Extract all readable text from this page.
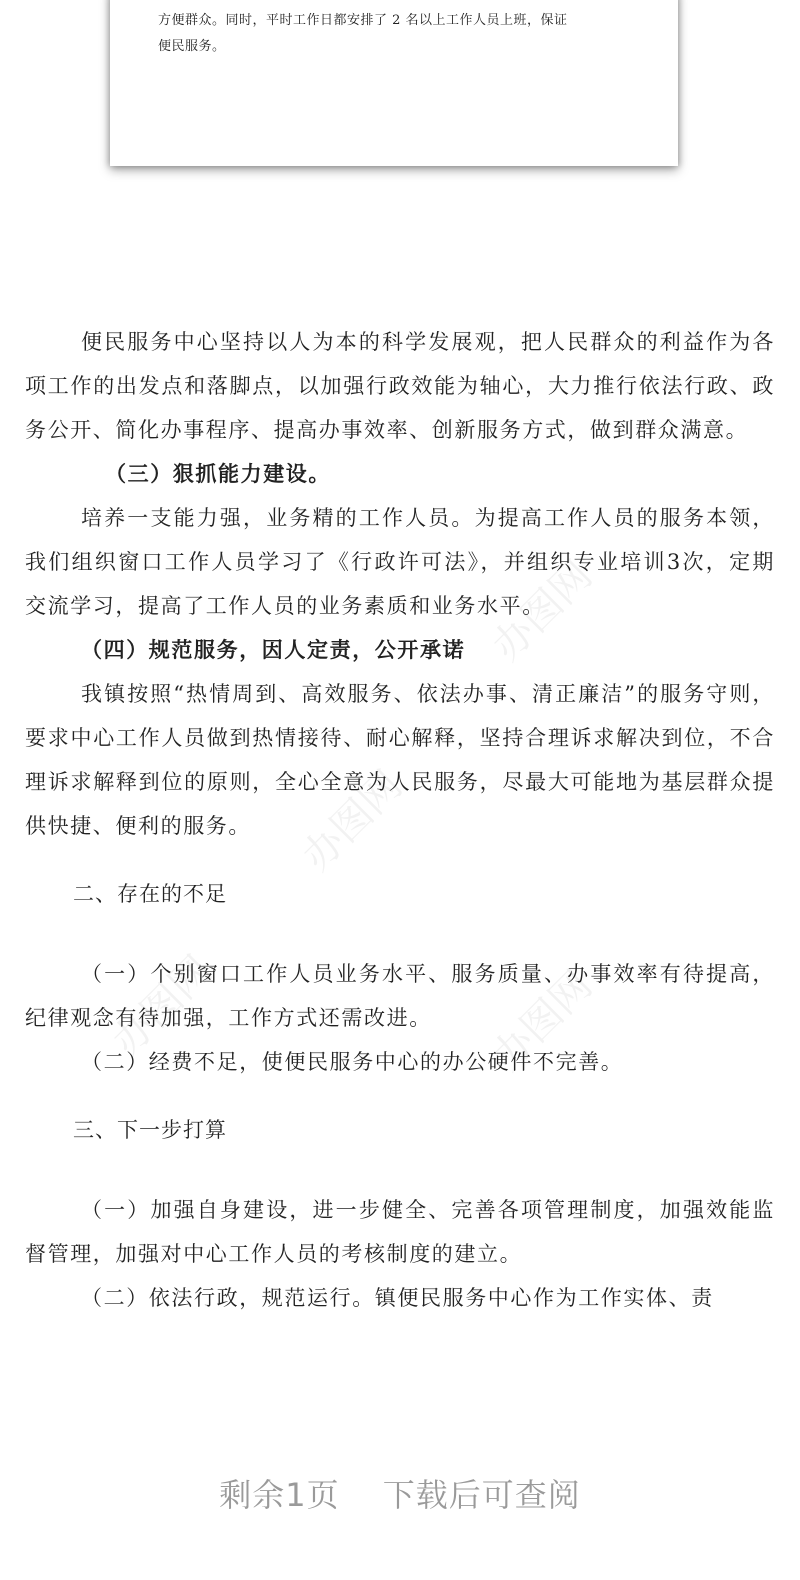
方便群众。同时，平时工作日都安排了 2 名以上工作人员上班，保证
便民服务。
办图网
办图网
办图网
办图网

便民服务中心坚持以人为本的科学发展观，把人民群众的利益作为各项工作的出发点和落脚点，以加强行政效能为轴心，大力推行依法行政、政务公开、简化办事程序、提高办事效率、创新服务方式，做到群众满意。

（三）狠抓能力建设。

培养一支能力强，业务精的工作人员。为提高工作人员的服务本领，我们组织窗口工作人员学习了《行政许可法》，并组织专业培训3次，定期交流学习，提高了工作人员的业务素质和业务水平。

（四）规范服务，因人定责，公开承诺

我镇按照“热情周到、高效服务、依法办事、清正廉洁”的服务守则，要求中心工作人员做到热情接待、耐心解释，坚持合理诉求解决到位，不合理诉求解释到位的原则，全心全意为人民服务，尽最大可能地为基层群众提供快捷、便利的服务。

二、存在的不足

（一）个别窗口工作人员业务水平、服务质量、办事效率有待提高，纪律观念有待加强，工作方式还需改进。

（二）经费不足，使便民服务中心的办公硬件不完善。

三、下一步打算

（一）加强自身建设，进一步健全、完善各项管理制度，加强效能监督管理，加强对中心工作人员的考核制度的建立。

（二）依法行政，规范运行。镇便民服务中心作为工作实体、责

剩余1页 下载后可查阅
